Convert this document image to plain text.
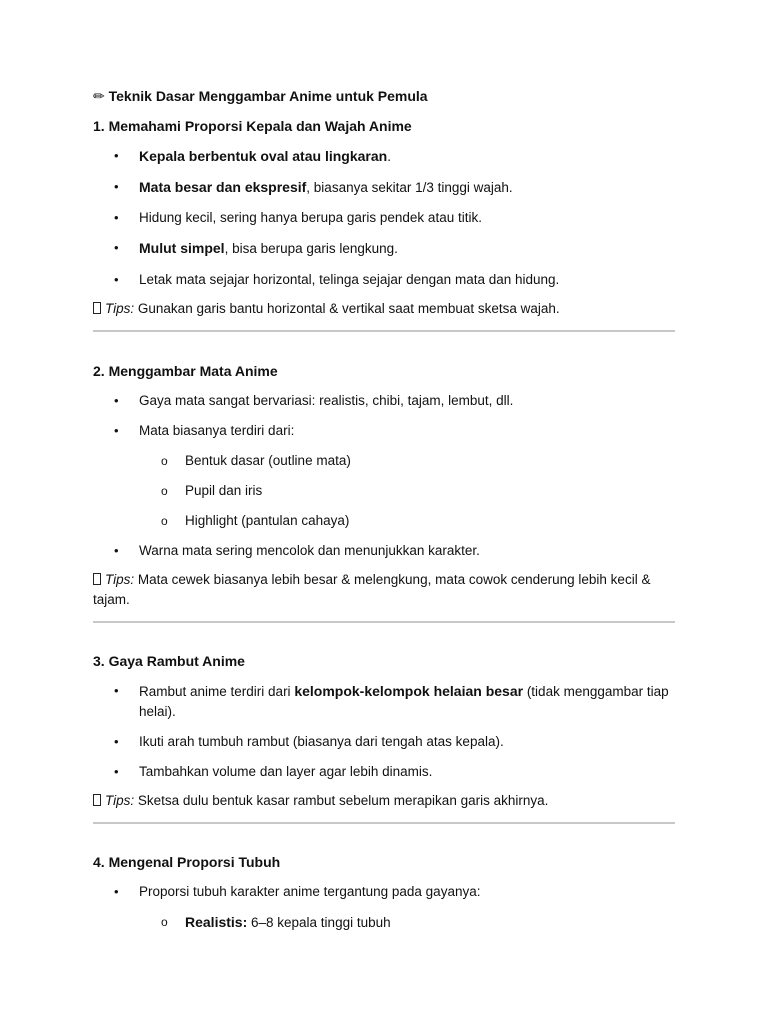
✏ Teknik Dasar Menggambar Anime untuk Pemula

1. Memahami Proporsi Kepala dan Wajah Anime

• Kepala berbentuk oval atau lingkaran.
• Mata besar dan ekspresif, biasanya sekitar 1/3 tinggi wajah.
• Hidung kecil, sering hanya berupa garis pendek atau titik.
• Mulut simpel, bisa berupa garis lengkung.
• Letak mata sejajar horizontal, telinga sejajar dengan mata dan hidung.

Tips: Gunakan garis bantu horizontal & vertikal saat membuat sketsa wajah.

2. Menggambar Mata Anime

• Gaya mata sangat bervariasi: realistis, chibi, tajam, lembut, dll.
• Mata biasanya terdiri dari:
o Bentuk dasar (outline mata)
o Pupil dan iris
o Highlight (pantulan cahaya)
• Warna mata sering mencolok dan menunjukkan karakter.

Tips: Mata cewek biasanya lebih besar & melengkung, mata cowok cenderung lebih kecil & tajam.

3. Gaya Rambut Anime

• Rambut anime terdiri dari kelompok-kelompok helaian besar (tidak menggambar tiap helai).
• Ikuti arah tumbuh rambut (biasanya dari tengah atas kepala).
• Tambahkan volume dan layer agar lebih dinamis.

Tips: Sketsa dulu bentuk kasar rambut sebelum merapikan garis akhirnya.

4. Mengenal Proporsi Tubuh

• Proporsi tubuh karakter anime tergantung pada gayanya:
o Realistis: 6–8 kepala tinggi tubuh
